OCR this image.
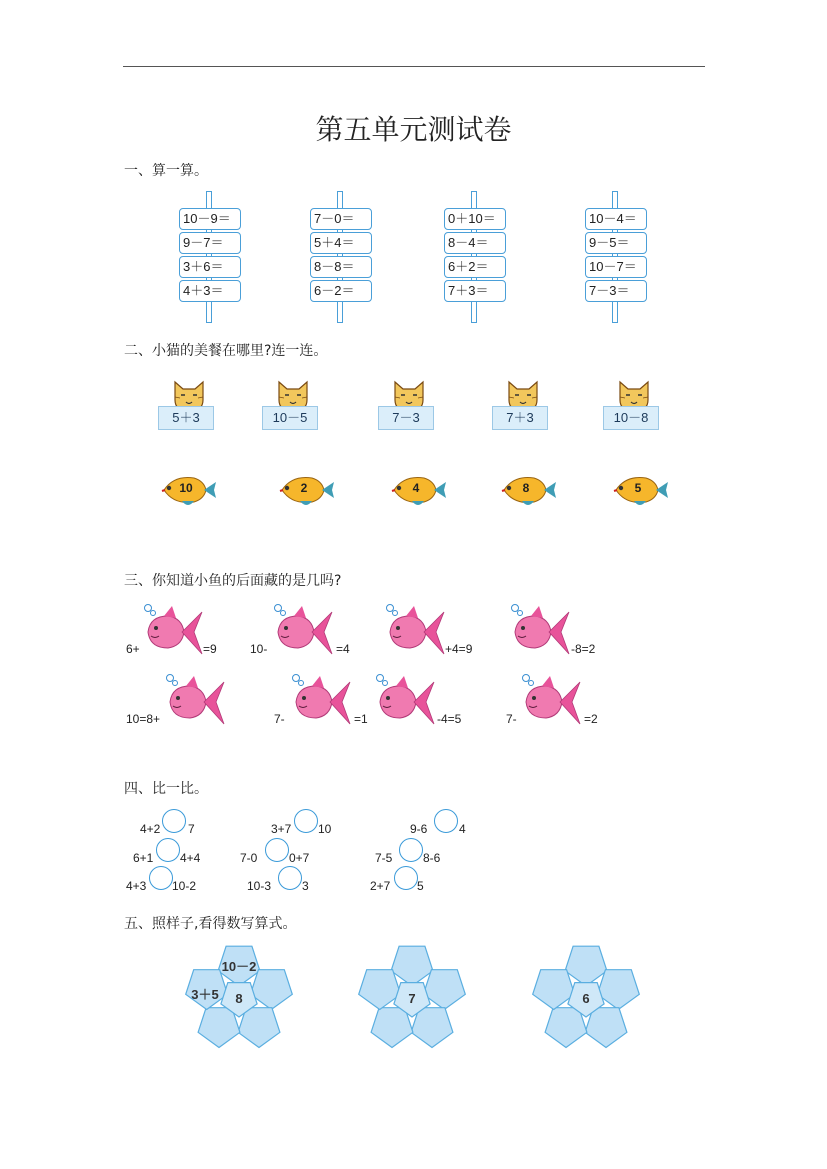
第五单元测试卷
一、算一算。
二、小猫的美餐在哪里?连一连。
三、你知道小鱼的后面藏的是几吗?
四、比一比。
五、照样子,看得数写算式。
10－9＝
9－7＝
3＋6＝
4＋3＝
7－0＝
5＋4＝
8－8＝
6－2＝
0＋10＝
8－4＝
6＋2＝
7＋3＝
10－4＝
9－5＝
10－7＝
7－3＝
5＋3	10－5	7－3	7＋3	10－8
10	2	4	8	5
6+	=9	10-	=4	+4=9	-8=2
10=8+	7-	=1	-4=5	7-	=2
4+2 7	3+7 10	9-6	4
6+1 4+4	7-0	0+7	7-5	8-6
4+3 10-2	10-3	3	2+7 5
8
10－2
3＋5	7	6
